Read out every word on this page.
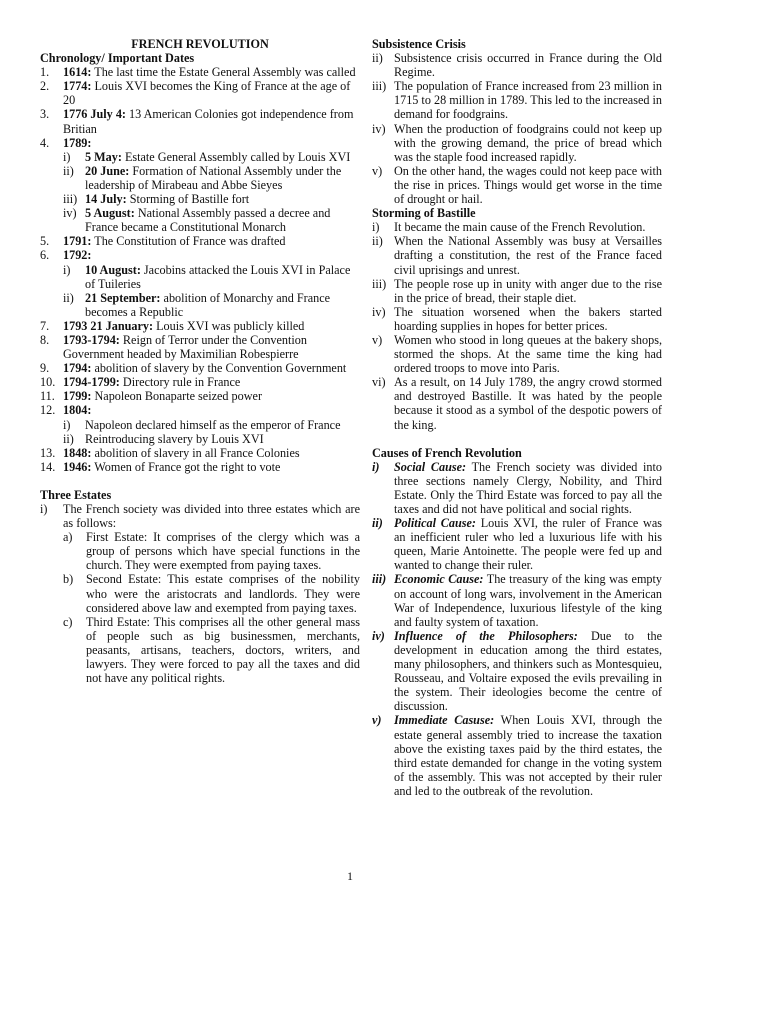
FRENCH REVOLUTION
Chronology/ Important Dates
1.	1614: The last time the Estate General Assembly was called
2.	1774: Louis XVI becomes the King of France at the age of 20
3.	1776 July 4: 13 American Colonies got independence from Britian
4.	1789:
i)	5 May: Estate General Assembly called by Louis XVI
ii) 20 June: Formation of National Assembly under the leadership of Mirabeau and Abbe Sieyes
iii) 14 July: Storming of Bastille fort
iv) 5 August: National Assembly passed a decree and France became a Constitutional Monarch
5.	1791: The Constitution of France was drafted
6.	1792:
i)	10 August: Jacobins attacked the Louis XVI in Palace of Tuileries
ii) 21 September: abolition of Monarchy and France becomes a Republic
7.	1793 21 January: Louis XVI was publicly killed
8.	1793-1794: Reign of Terror under the Convention Government headed by Maximilian Robespierre
9.	1794: abolition of slavery by the Convention Government
10. 1794-1799: Directory rule in France
11. 1799: Napoleon Bonaparte seized power
12. 1804:
i)	Napoleon declared himself as the emperor of France
ii) Reintroducing slavery by Louis XVI
13. 1848: abolition of slavery in all France Colonies
14. 1946: Women of France got the right to vote
Three Estates
i)	The French society was divided into three estates which are as follows:
a)	First Estate: It comprises of the clergy which was a group of persons which have special functions in the church. They were exempted from paying taxes.
b)	Second Estate: This estate comprises of the nobility who were the aristocrats and landlords. They were considered above law and exempted from paying taxes.
c)	Third Estate: This comprises all the other general mass of people such as big businessmen, merchants, peasants, artisans, teachers, doctors, writers, and lawyers. They were forced to pay all the taxes and did not have any political rights.
Subsistence Crisis
ii) Subsistence crisis occurred in France during the Old Regime.
iii) The population of France increased from 23 million in 1715 to 28 million in 1789. This led to the increased in demand for foodgrains.
iv) When the production of foodgrains could not keep up with the growing demand, the price of bread which was the staple food increased rapidly.
v) On the other hand, the wages could not keep pace with the rise in prices. Things would get worse in the time of drought or hail.
Storming of Bastille
i)	It became the main cause of the French Revolution.
ii) When the National Assembly was busy at Versailles drafting a constitution, the rest of the France faced civil uprisings and unrest.
iii) The people rose up in unity with anger due to the rise in the price of bread, their staple diet.
iv) The situation worsened when the bakers started hoarding supplies in hopes for better prices.
v) Women who stood in long queues at the bakery shops, stormed the shops. At the same time the king had ordered troops to move into Paris.
vi) As a result, on 14 July 1789, the angry crowd stormed and destroyed Bastille. It was hated by the people because it stood as a symbol of the despotic powers of the king.
Causes of French Revolution
i)	Social Cause: The French society was divided into three sections namely Clergy, Nobility, and Third Estate. Only the Third Estate was forced to pay all the taxes and did not have political and social rights.
ii) Political Cause: Louis XVI, the ruler of France was an inefficient ruler who led a luxurious life with his queen, Marie Antoinette. The people were fed up and wanted to change their ruler.
iii) Economic Cause: The treasury of the king was empty on account of long wars, involvement in the American War of Independence, luxurious lifestyle of the king and faulty system of taxation.
iv) Influence of the Philosophers: Due to the development in education among the third estates, many philosophers, and thinkers such as Montesquieu, Rousseau, and Voltaire exposed the evils prevailing in the system. Their ideologies become the centre of discussion.
v)	Immediate Casuse: When Louis XVI, through the estate general assembly tried to increase the taxation above the existing taxes paid by the third estates, the third estate demanded for change in the voting system of the assembly. This was not accepted by their ruler and led to the outbreak of the revolution.
1
